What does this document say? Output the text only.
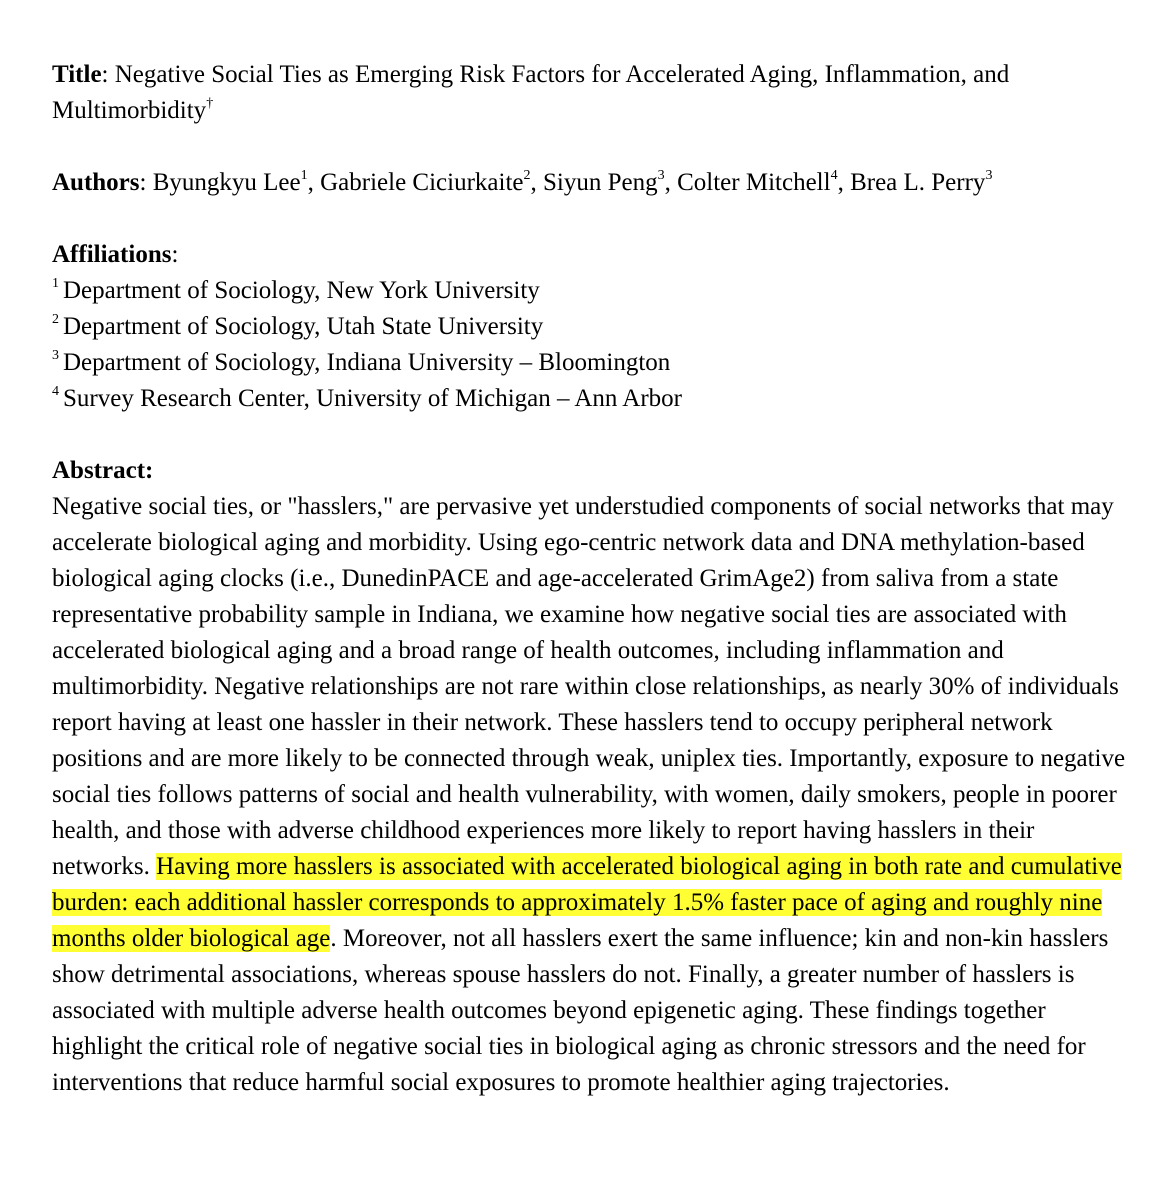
Title: Negative Social Ties as Emerging Risk Factors for Accelerated Aging, Inflammation, and Multimorbidity†

Authors: Byungkyu Lee$^1$, Gabriele Ciciurkaite$^2$, Siyun Peng$^3$, Colter Mitchell$^4$, Brea L. Perry$^3$

Affiliations:
$^1$ Department of Sociology, New York University
$^2$ Department of Sociology, Utah State University
$^3$ Department of Sociology, Indiana University – Bloomington
$^4$ Survey Research Center, University of Michigan – Ann Arbor
Abstract:
Negative social ties, or "hasslers," are pervasive yet understudied components of social networks that may accelerate biological aging and morbidity. Using ego-centric network data and DNA methylation-based biological aging clocks (i.e., DunedinPACE and age-accelerated GrimAge2) from saliva from a state representative probability sample in Indiana, we examine how negative social ties are associated with accelerated biological aging and a broad range of health outcomes, including inflammation and multimorbidity. Negative relationships are not rare within close relationships, as nearly 30% of individuals report having at least one hassler in their network. These hasslers tend to occupy peripheral network positions and are more likely to be connected through weak, uniplex ties. Importantly, exposure to negative social ties follows patterns of social and health vulnerability, with women, daily smokers, people in poorer health, and those with adverse childhood experiences more likely to report having hasslers in their networks. Having more hasslers is associated with accelerated biological aging in both rate and cumulative burden: each additional hassler corresponds to approximately 1.5% faster pace of aging and roughly nine months older biological age. Moreover, not all hasslers exert the same influence; kin and non-kin hasslers show detrimental associations, whereas spouse hasslers do not. Finally, a greater number of hasslers is associated with multiple adverse health outcomes beyond epigenetic aging. These findings together highlight the critical role of negative social ties in biological aging as chronic stressors and the need for interventions that reduce harmful social exposures to promote healthier aging trajectories.
